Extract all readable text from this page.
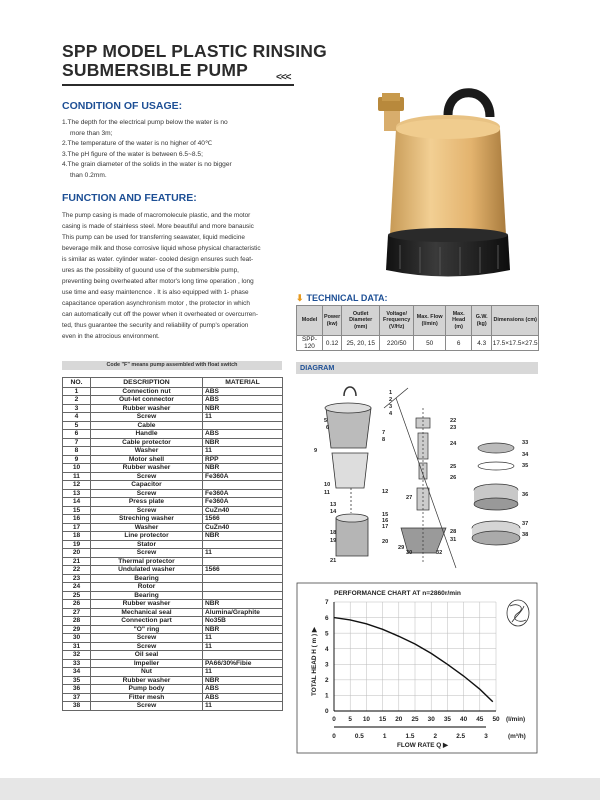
SPP MODEL PLASTIC RINSING
SUBMERSIBLE PUMP	<<<
CONDITION OF USAGE:
1.The depth for the electrical pump below the water is no
more than 3m;
2.The temperature of the water is no higher of 40℃
3.The pH figure of the water is between 6.5~8.5;
4.The grain diameter of the solids in the water is no bigger
than 0.2mm.
FUNCTION AND FEATURE:
The pump casing is made of macromolecule plastic, and the motor
casing is made of stainless steel. More beautiful and more banausic
This pump can be used for transferring seawater, liquid medicine
beverage milk and those corrosive liquid whose physical characteristic
is similar as water. cylinder water- cooled design ensures such feat-
ures as the possibility of guound use of the submersible pump,
preventing being overheated after motor's long time operation , long
use time and easy maintencnce . It is also equipped with 1- phase
capacitance operation asynchronism motor , the protector in which
can automatically cut off the power when it overheated or overcurren-
ted, thus guarantee the security and reliability of pump's operation
even in the atrocious environment.
⬇ TECHNICAL DATA:
Model	Power (kw)	Outlet Diameter (mm)	Voltage/ Frequency (V/Hz)	Max. Flow (l/min)	Max. Head (m)	G.W. (kg)	Dimensions (cm)
SPP-120	0.12	25, 20, 15	220/50	50	6	4.3	17.5×17.5×27.5
Code "F" means pump assembled with float switch
NO.	DESCRIPTION	MATERIAL
1	Connection nut	ABS
2	Out-let connector	ABS
3	Rubber washer	NBR
4	Screw	11
5	Cable	
6	Handle	ABS
7	Cable protector	NBR
8	Washer	11
9	Motor shell	RPP
10	Rubber washer	NBR
11	Screw	Fe360A
12	Capacitor	
13	Screw	Fe360A
14	Press plate	Fe360A
15	Screw	CuZn40
16	Streching washer	1566
17	Washer	CuZn40
18	Line protector	NBR
19	Stator	
20	Screw	11
21	Thermal protector	
22	Undulated washer	1566
23	Bearing	
24	Rotor	
25	Bearing	
26	Rubber washer	NBR
27	Mechanical seal	Alumina/Graphite
28	Connection part	No35B
29	"O" ring	NBR
30	Screw	11
31	Screw	11
32	Oil seal	
33	Impeller	PA66/30%Fibie
34	Nut	11
35	Rubber washer	NBR
36	Pump body	ABS
37	Fitter mesh	ABS
38	Screw	11
DIAGRAM
1
2
3
4
5
6
7
8
9
10
11	12
13
14	15
16
17
18
19	20
21
22
23
24
25
26
27
28
29
30
31
32
33
34
35
36
37
38
PERFORMANCE CHART AT n=2860r/min
0
1
2
3
4
5
6
7
0 5 10 15 20 25 30 35 40 45 50
0	0.5	1	1.5	2	2.5	3
TOTAL HEAD H ( m ) ▶
FLOW RATE Q ▶
(l/min)
(m³/h)
